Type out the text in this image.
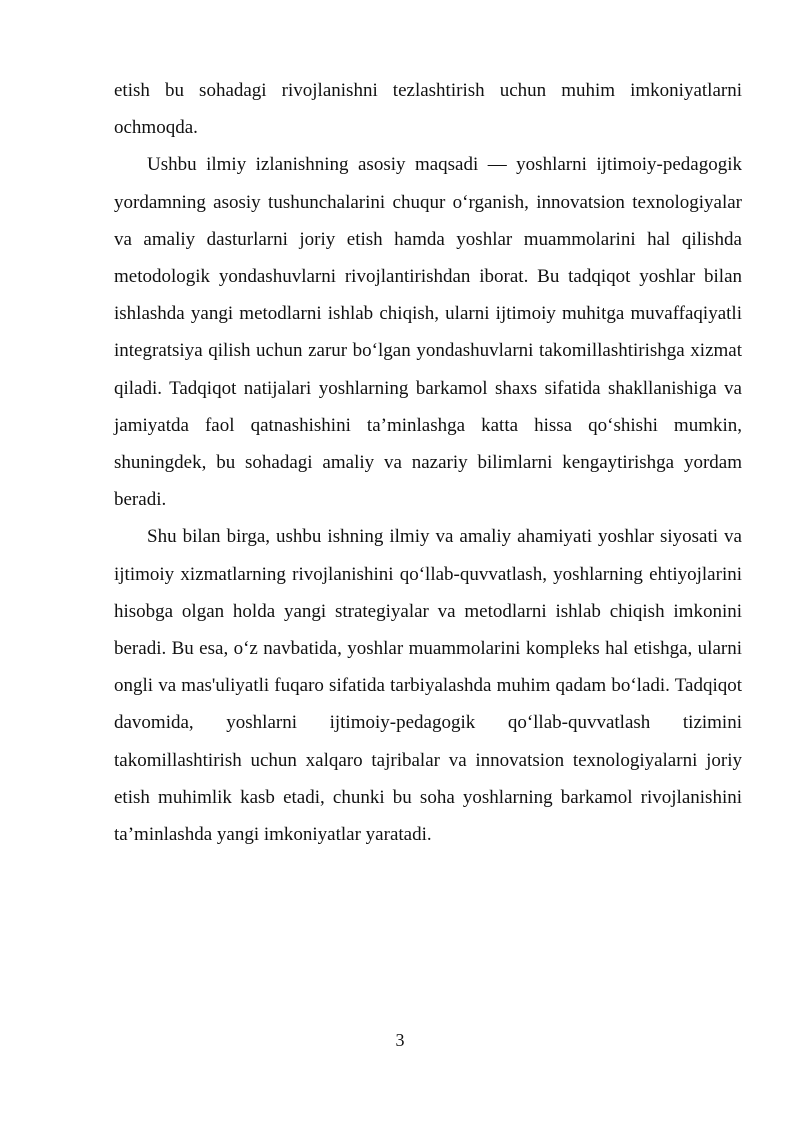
etish bu sohadagi rivojlanishni tezlashtirish uchun muhim imkoniyatlarni ochmoqda.

Ushbu ilmiy izlanishning asosiy maqsadi — yoshlarni ijtimoiy-pedagogik yordamning asosiy tushunchalarini chuqur o‘rganish, innovatsion texnologiyalar va amaliy dasturlarni joriy etish hamda yoshlar muammolarini hal qilishda metodologik yondashuvlarni rivojlantirishdan iborat. Bu tadqiqot yoshlar bilan ishlashda yangi metodlarni ishlab chiqish, ularni ijtimoiy muhitga muvaffaqiyatli integratsiya qilish uchun zarur bo‘lgan yondashuvlarni takomillashtirishga xizmat qiladi. Tadqiqot natijalari yoshlarning barkamol shaxs sifatida shakllanishiga va jamiyatda faol qatnashishini ta’minlashga katta hissa qo‘shishi mumkin, shuningdek, bu sohadagi amaliy va nazariy bilimlarni kengaytirishga yordam beradi.

Shu bilan birga, ushbu ishning ilmiy va amaliy ahamiyati yoshlar siyosati va ijtimoiy xizmatlarning rivojlanishini qo‘llab-quvvatlash, yoshlarning ehtiyojlarini hisobga olgan holda yangi strategiyalar va metodlarni ishlab chiqish imkonini beradi. Bu esa, o‘z navbatida, yoshlar muammolarini kompleks hal etishga, ularni ongli va mas'uliyatli fuqaro sifatida tarbiyalashda muhim qadam bo‘ladi. Tadqiqot davomida, yoshlarni ijtimoiy-pedagogik qo‘llab-quvvatlash tizimini takomillashtirish uchun xalqaro tajribalar va innovatsion texnologiyalarni joriy etish muhimlik kasb etadi, chunki bu soha yoshlarning barkamol rivojlanishini ta’minlashda yangi imkoniyatlar yaratadi.

3
